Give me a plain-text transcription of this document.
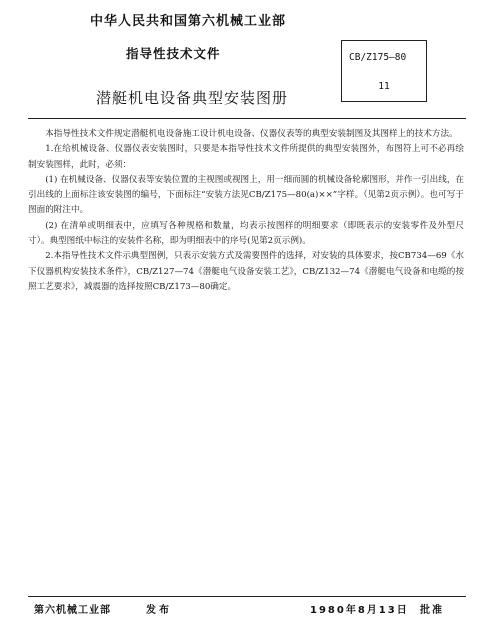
中华人民共和国第六机械工业部
指导性技术文件
潜艇机电设备典型安装图册
CB/Z175—80
11

本指导性技术文件规定潜艇机电设备施工设计机电设备、仪器仪表等的典型安装制图及其图样上的技术方法。

1.在给机械设备、仪器仪表安装图时，只要是本指导性技术文件所提供的典型安装图外，布图符上可不必再绘制安装图样，此时，必须：

(1) 在机械设备、仪器仪表等安装位置的主视图或视图上，用一细而圆的机械设备轮廓图形，并作一引出线，在引出线的上面标注该安装图的编号，下面标注“安装方法见CB/Z175—80(a)××”字样。（见第2页示例）。也可写于图面的附注中。

(2) 在清单或明细表中，应填写各种规格和数量，均表示按图样的明细要求（即既表示的安装零件及外型尺寸）。典型图纸中标注的安装件名称，即为明细表中的序号(见第2页示例)。

2.本指导性技术文件示典型图例，只表示安装方式及需要图件的选择，对安装的具体要求，按CB734—69《水下仪器机构安装技术条件》，CB/Z127—74《潜艇电气设备安装工艺》，CB/Z132—74《潜艇电气设备和电缆的按照工艺要求》，减震器的选择按照CB/Z173—80确定。

第六机械工业部	发布	1980年8月13日 批准
